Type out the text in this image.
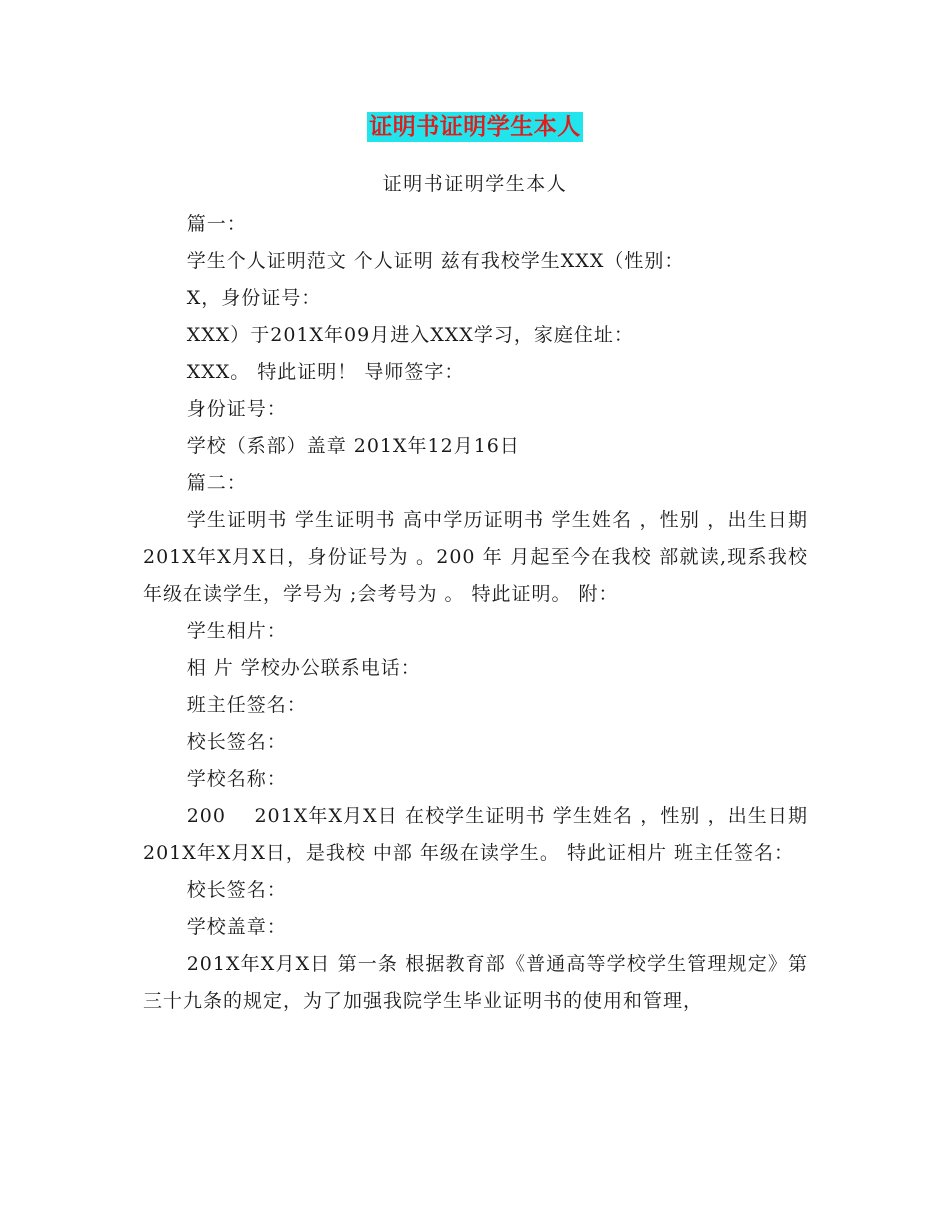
证明书证明学生本人
证明书证明学生本人

篇一：

学生个人证明范文 个人证明 兹有我校学生XXX（性别：

X，身份证号：

XXX）于201X年09月进入XXX学习，家庭住址：

XXX。 特此证明！ 导师签字：

身份证号：

学校（系部）盖章 201X年12月16日

篇二：

学生证明书 学生证明书 高中学历证明书 学生姓名 ，性别 ，出生日期    201X年X月X日，身份证号为 。200 年 月起至今在我校 部就读,现系我校 年级在读学生，学号为 ;会考号为 。 特此证明。 附：

学生相片：

相 片 学校办公联系电话：

班主任签名：

校长签名：

学校名称：

200    201X年X月X日 在校学生证明书 学生姓名 ，性别 ，出生日期    201X年X月X日，是我校 中部 年级在读学生。 特此证相片 班主任签名：

校长签名：

学校盖章：

201X年X月X日 第一条 根据教育部《普通高等学校学生管理规定》第三十九条的规定，为了加强我院学生毕业证明书的使用和管理，
